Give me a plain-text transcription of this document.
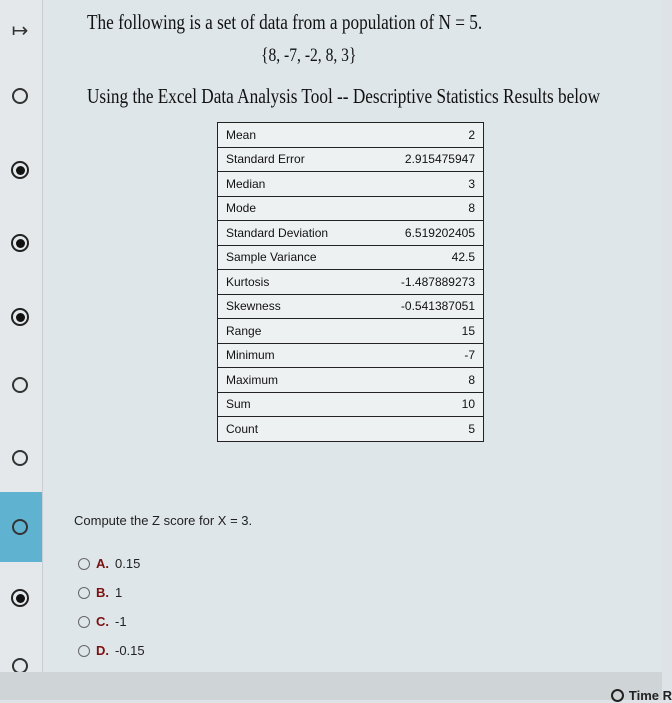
↦	The following is a set of data from a population of N = 5.
{8, -7, -2, 8, 3}
Using the Excel Data Analysis Tool -- Descriptive Statistics Results below
Mean	2
Standard Error	2.915475947
Median	3
Mode	8
Standard Deviation	6.519202405
Sample Variance	42.5
Kurtosis	-1.487889273
Skewness	-0.541387051
Range	15
Minimum	-7
Maximum	8
Sum	10
Count	5
Compute the Z score for X = 3.
A. 0.15
B. 1
C. -1
D. -0.15
Time R
